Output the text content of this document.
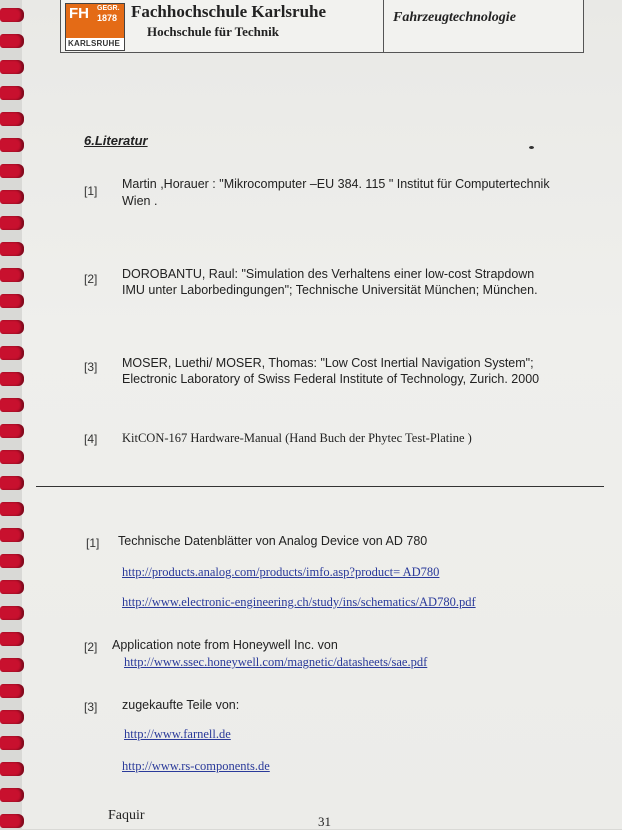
FH GEGR.
1878
KARLSRUHE
Fachhochschule Karlsruhe
Hochschule für Technik
Fahrzeugtechnologie
6.Literatur
[1] Martin ,Horauer : "Mikrocomputer –EU 384. 115 " Institut für Computertechnik
Wien .
[2] DOROBANTU, Raul: "Simulation des Verhaltens einer low-cost Strapdown
IMU unter Laborbedingungen"; Technische Universität München; München.
[3] MOSER, Luethi/ MOSER, Thomas: "Low Cost Inertial Navigation System";
Electronic Laboratory of Swiss Federal Institute of Technology, Zurich. 2000
[4] KitCON-167 Hardware-Manual (Hand Buch der Phytec Test-Platine )
[1] Technische Datenblätter von Analog Device von AD 780
http://products.analog.com/products/imfo.asp?product= AD780
http://www.electronic-engineering.ch/study/ins/schematics/AD780.pdf
[2] Application note from Honeywell Inc. von
http://www.ssec.honeywell.com/magnetic/datasheets/sae.pdf
[3] zugekaufte Teile von:
http://www.farnell.de
http://www.rs-components.de
Faquir	31
